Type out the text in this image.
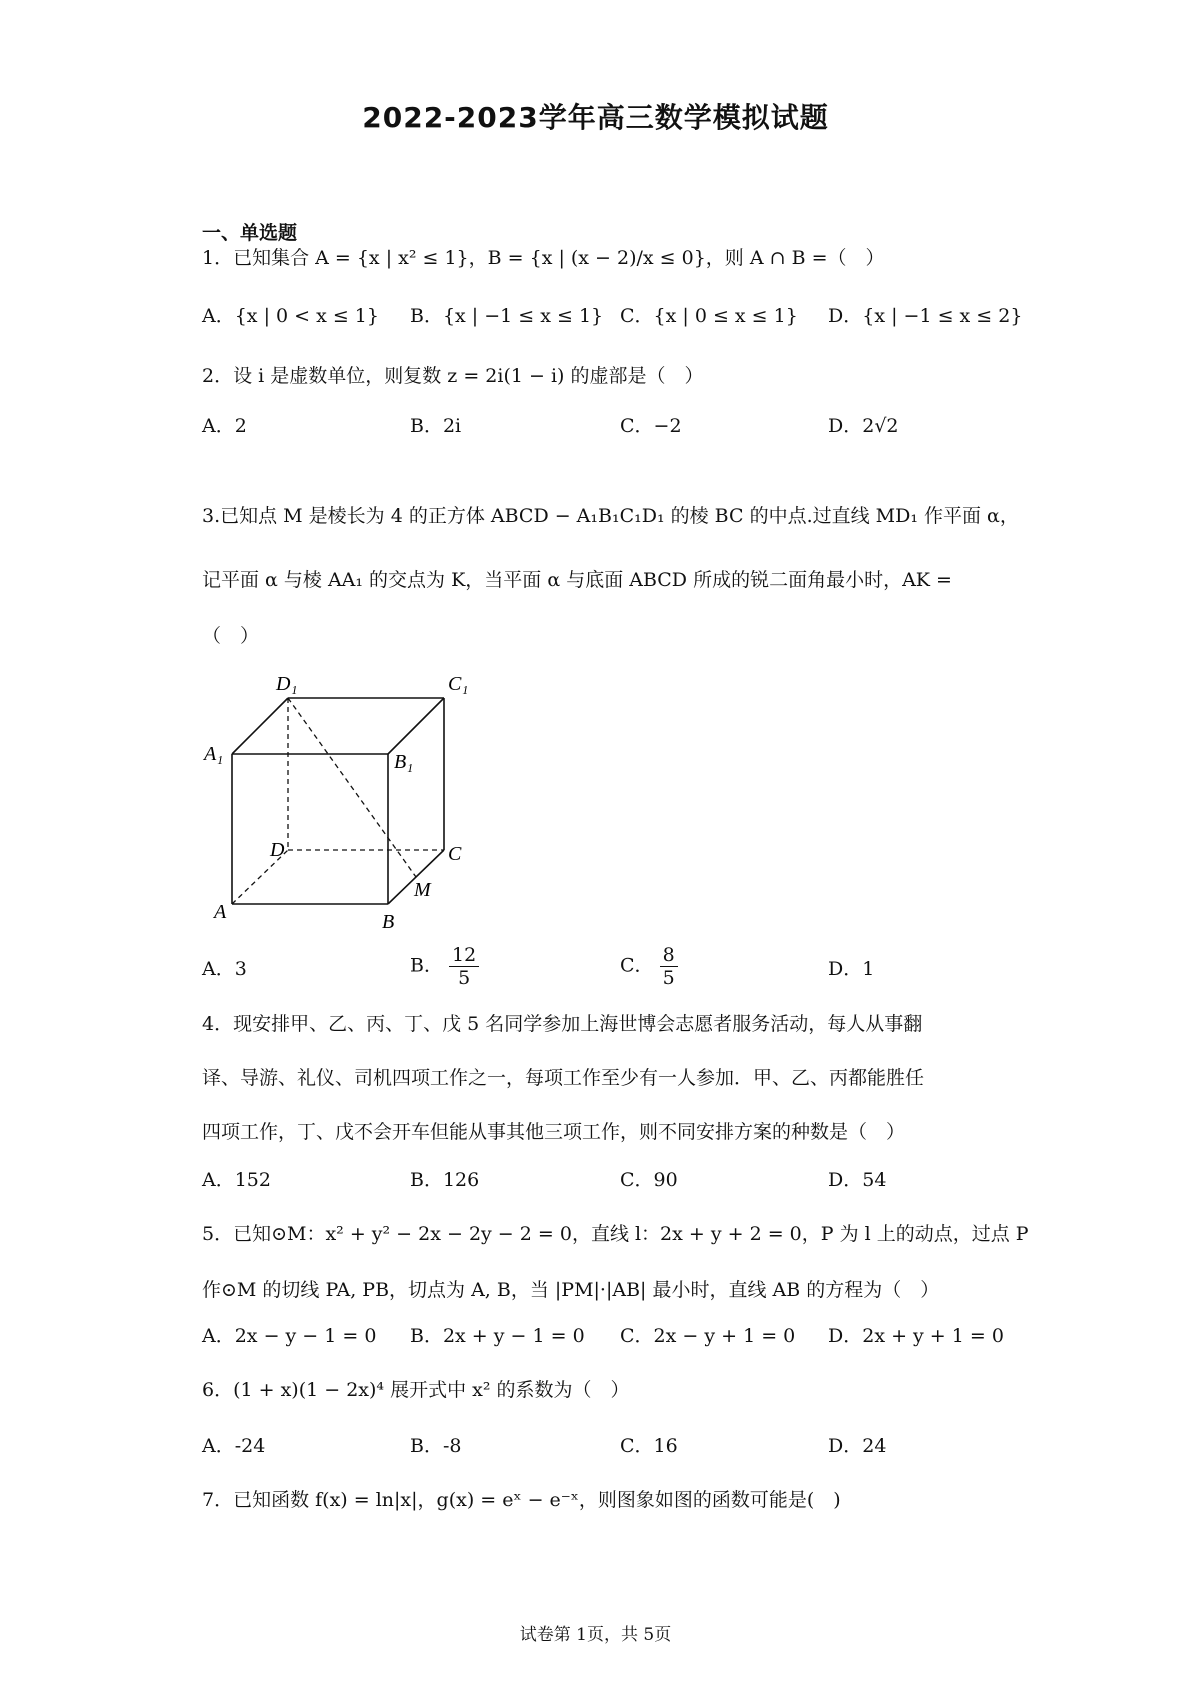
2022-2023学年高三数学模拟试题
一、单选题
1．已知集合 A = {x | x² ≤ 1}，B = {x | (x − 2)/x ≤ 0}，则 A ∩ B =（　）
A．{x | 0 < x ≤ 1} B．{x | −1 ≤ x ≤ 1} C．{x | 0 ≤ x ≤ 1} D．{x | −1 ≤ x ≤ 2}
2．设 i 是虚数单位，则复数 z = 2i(1 − i) 的虚部是（　）
A．2	B．2i	C．−2	D．2√2
3.已知点 M 是棱长为 4 的正方体 ABCD − A₁B₁C₁D₁ 的棱 BC 的中点.过直线 MD₁ 作平面 α，
记平面 α 与棱 AA₁ 的交点为 K，当平面 α 与底面 ABCD 所成的锐二面角最小时，AK =
（　）
D₁	C₁
A₁	B₁
D	C
M
A	B
A．3	B． $\frac{12}{5}$	C． $\frac{8}{5}$	D．1
4．现安排甲、乙、丙、丁、戊 5 名同学参加上海世博会志愿者服务活动，每人从事翻
译、导游、礼仪、司机四项工作之一，每项工作至少有一人参加．甲、乙、丙都能胜任
四项工作，丁、戊不会开车但能从事其他三项工作，则不同安排方案的种数是（　）
A．152	B．126	C．90	D．54
5．已知⊙M：x² + y² − 2x − 2y − 2 = 0，直线 l：2x + y + 2 = 0，P 为 l 上的动点，过点 P
作⊙M 的切线 PA, PB，切点为 A, B，当 |PM|·|AB| 最小时，直线 AB 的方程为（　）
A．2x − y − 1 = 0 B．2x + y − 1 = 0 C．2x − y + 1 = 0 D．2x + y + 1 = 0
6．(1 + x)(1 − 2x)⁴ 展开式中 x² 的系数为（　）
A．-24	B．-8	C．16	D．24
7．已知函数 f(x) = ln|x|，g(x) = eˣ − e⁻ˣ，则图象如图的函数可能是(　)
试卷第 1页，共 5页
